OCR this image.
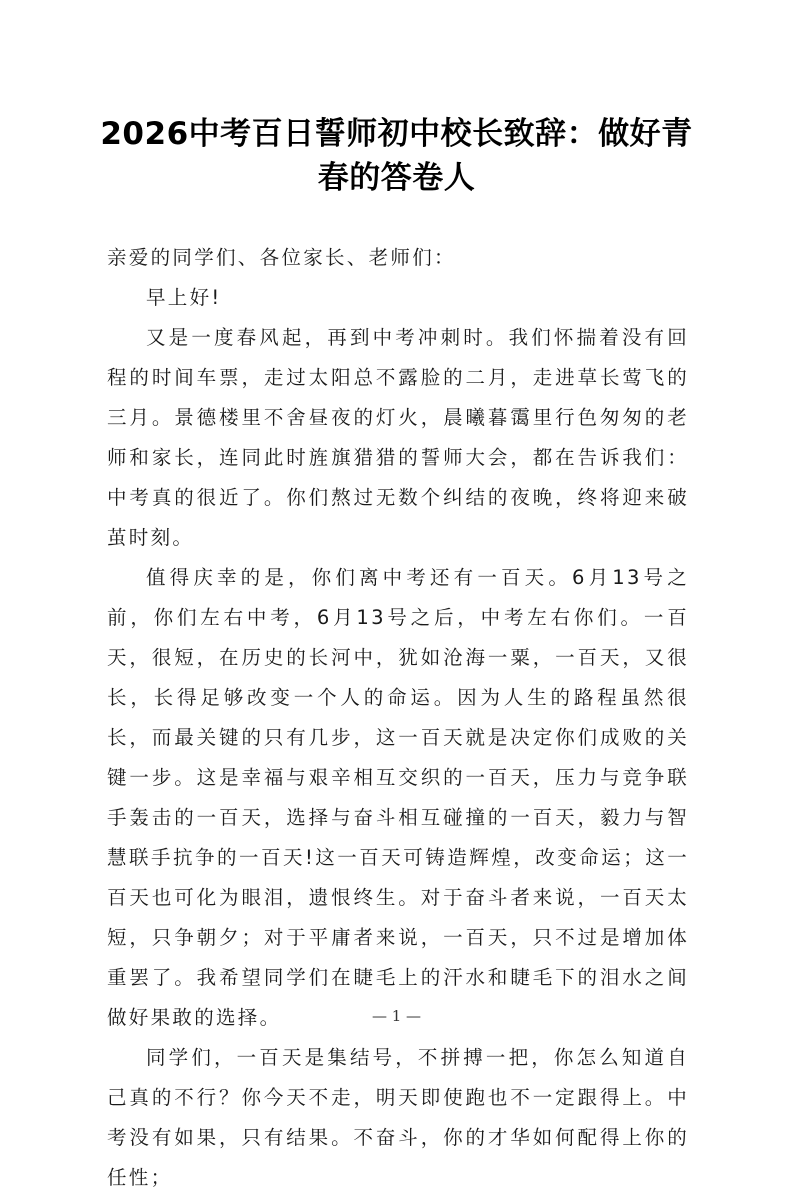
2026中考百日誓师初中校长致辞：做好青春的答卷人

亲爱的同学们、各位家长、老师们：

早上好!

又是一度春风起，再到中考冲刺时。我们怀揣着没有回程的时间车票，走过太阳总不露脸的二月，走进草长莺飞的三月。景德楼里不舍昼夜的灯火，晨曦暮霭里行色匆匆的老师和家长，连同此时旌旗猎猎的誓师大会，都在告诉我们：中考真的很近了。你们熬过无数个纠结的夜晚，终将迎来破茧时刻。

值得庆幸的是，你们离中考还有一百天。6月13号之前，你们左右中考，6月13号之后，中考左右你们。一百天，很短，在历史的长河中，犹如沧海一粟，一百天，又很长，长得足够改变一个人的命运。因为人生的路程虽然很长，而最关键的只有几步，这一百天就是决定你们成败的关键一步。这是幸福与艰辛相互交织的一百天，压力与竞争联手轰击的一百天，选择与奋斗相互碰撞的一百天，毅力与智慧联手抗争的一百天!这一百天可铸造辉煌，改变命运；这一百天也可化为眼泪，遗恨终生。对于奋斗者来说，一百天太短，只争朝夕；对于平庸者来说，一百天，只不过是增加体重罢了。我希望同学们在睫毛上的汗水和睫毛下的泪水之间做好果敢的选择。

同学们，一百天是集结号，不拼搏一把，你怎么知道自己真的不行？你今天不走，明天即使跑也不一定跟得上。中考没有如果，只有结果。不奋斗，你的才华如何配得上你的任性；

— 1 —
